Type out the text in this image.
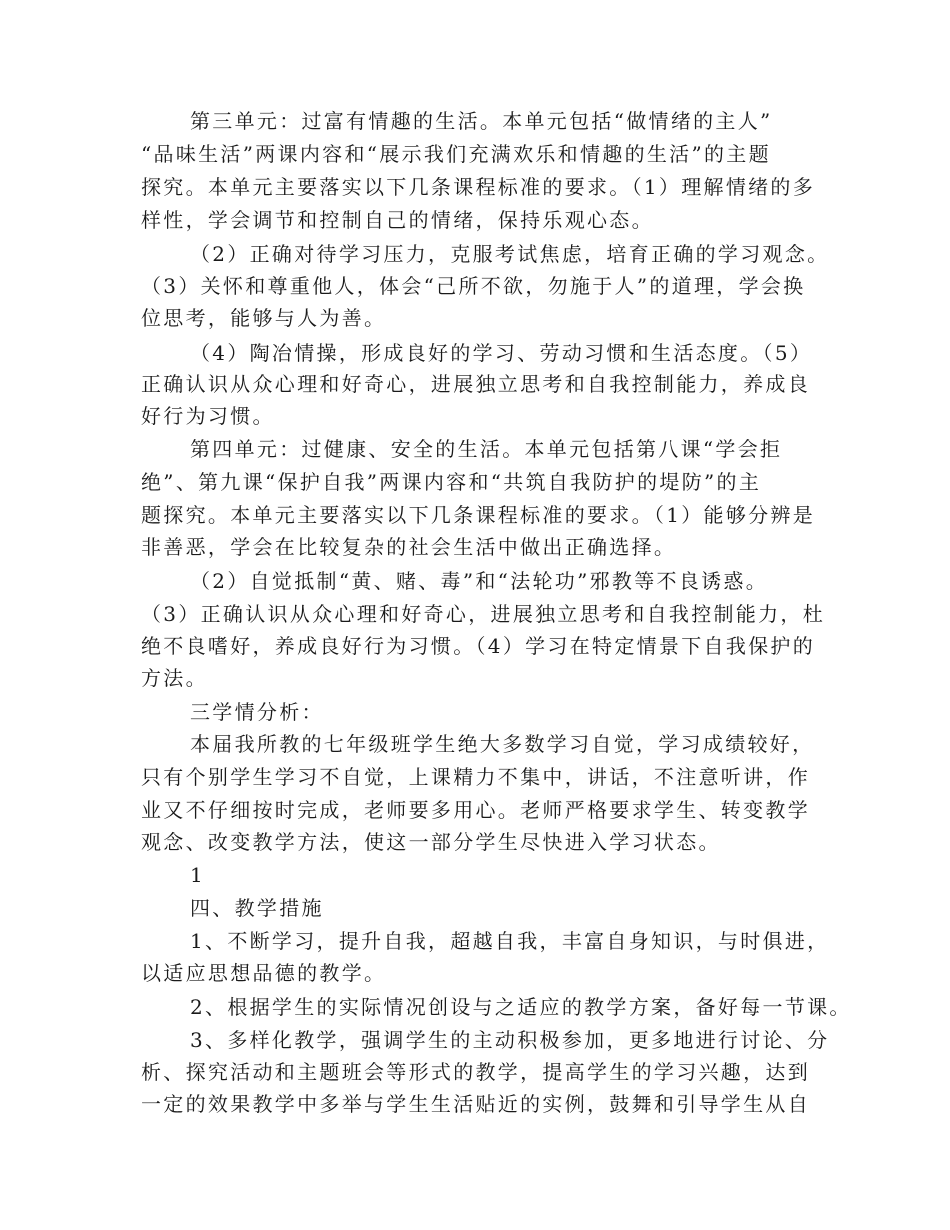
第三单元：过富有情趣的生活。本单元包括“做情绪的主人”

“品味生活”两课内容和“展示我们充满欢乐和情趣的生活”的主题

探究。本单元主要落实以下几条课程标准的要求。（1）理解情绪的多

样性，学会调节和控制自己的情绪，保持乐观心态。

（2）正确对待学习压力，克服考试焦虑，培育正确的学习观念。

（3）关怀和尊重他人，体会“己所不欲，勿施于人”的道理，学会换

位思考，能够与人为善。

（4）陶冶情操，形成良好的学习、劳动习惯和生活态度。（5）

正确认识从众心理和好奇心，进展独立思考和自我控制能力，养成良

好行为习惯。

第四单元：过健康、安全的生活。本单元包括第八课“学会拒

绝”、第九课“保护自我”两课内容和“共筑自我防护的堤防”的主

题探究。本单元主要落实以下几条课程标准的要求。（1）能够分辨是

非善恶，学会在比较复杂的社会生活中做出正确选择。

（2）自觉抵制“黄、赌、毒”和“法轮功”邪教等不良诱惑。

（3）正确认识从众心理和好奇心，进展独立思考和自我控制能力，杜

绝不良嗜好，养成良好行为习惯。（4）学习在特定情景下自我保护的

方法。

三学情分析：

本届我所教的七年级班学生绝大多数学习自觉，学习成绩较好，

只有个别学生学习不自觉，上课精力不集中，讲话，不注意听讲，作

业又不仔细按时完成，老师要多用心。老师严格要求学生、转变教学

观念、改变教学方法，使这一部分学生尽快进入学习状态。

1

四、教学措施

1、不断学习，提升自我，超越自我，丰富自身知识，与时俱进，

以适应思想品德的教学。

2、根据学生的实际情况创设与之适应的教学方案，备好每一节课。

3、多样化教学，强调学生的主动积极参加，更多地进行讨论、分

析、探究活动和主题班会等形式的教学，提高学生的学习兴趣，达到

一定的效果教学中多举与学生生活贴近的实例，鼓舞和引导学生从自
